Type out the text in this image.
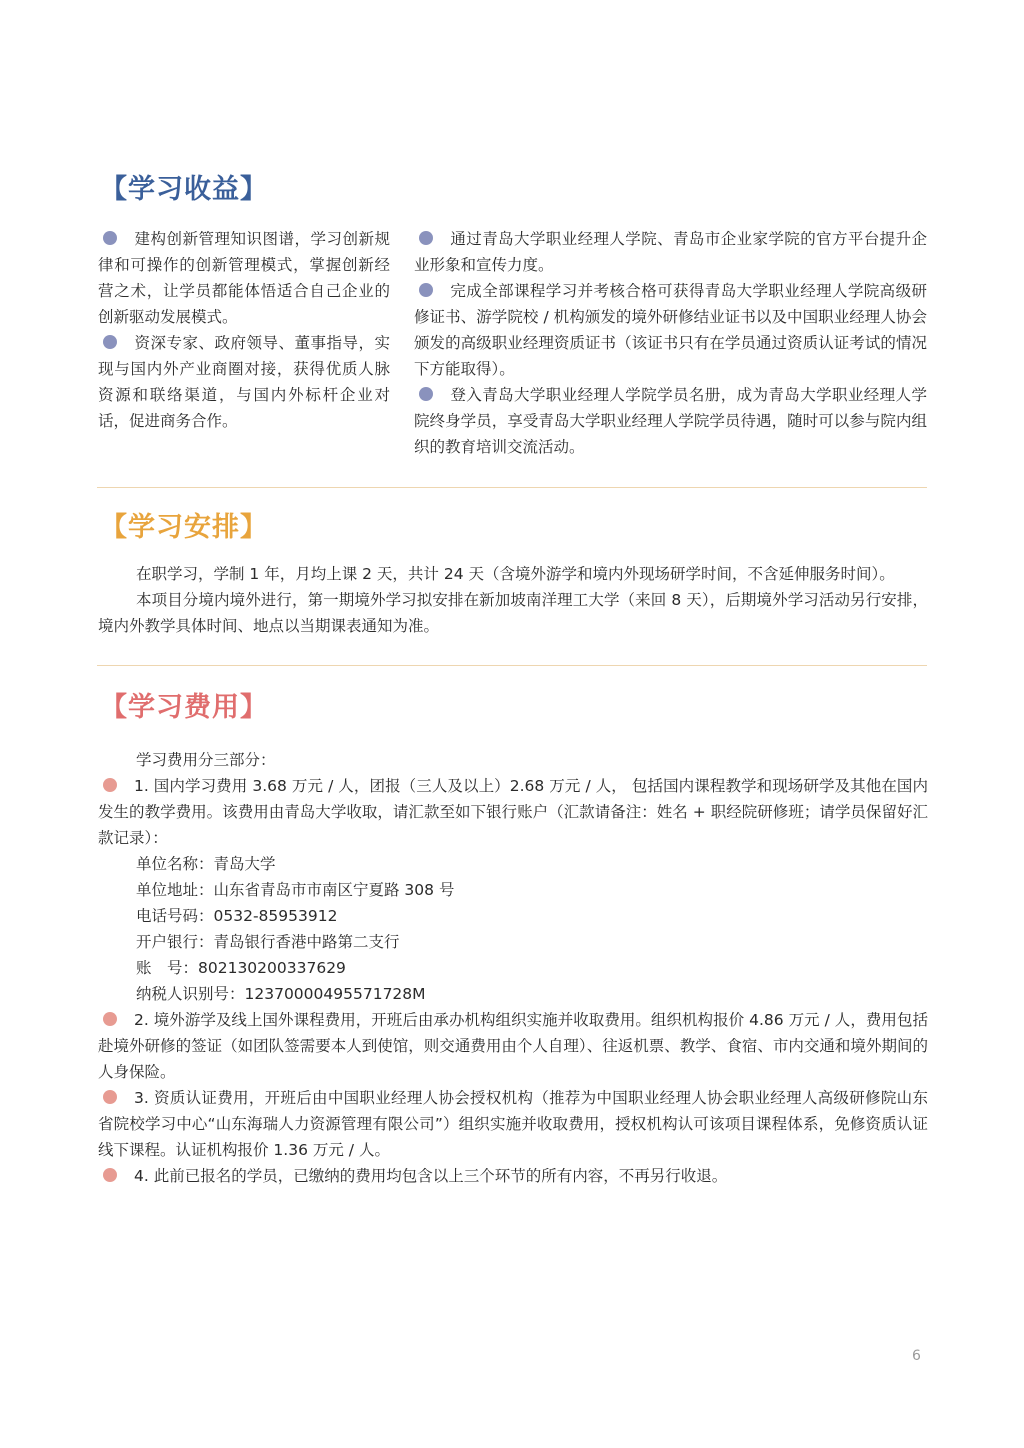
【学习收益】

建构创新管理知识图谱，学习创新规律和可操作的创新管理模式，掌握创新经营之术，让学员都能体悟适合自己企业的创新驱动发展模式。

资深专家、政府领导、董事指导，实现与国内外产业商圈对接，获得优质人脉资源和联络渠道，与国内外标杆企业对话，促进商务合作。

通过青岛大学职业经理人学院、青岛市企业家学院的官方平台提升企业形象和宣传力度。

完成全部课程学习并考核合格可获得青岛大学职业经理人学院高级研修证书、游学院校 / 机构颁发的境外研修结业证书以及中国职业经理人协会颁发的高级职业经理资质证书（该证书只有在学员通过资质认证考试的情况下方能取得）。

登入青岛大学职业经理人学院学员名册，成为青岛大学职业经理人学院终身学员，享受青岛大学职业经理人学院学员待遇，随时可以参与院内组织的教育培训交流活动。

【学习安排】

在职学习，学制 1 年，月均上课 2 天，共计 24 天（含境外游学和境内外现场研学时间，不含延伸服务时间）。

本项目分境内境外进行，第一期境外学习拟安排在新加坡南洋理工大学（来回 8 天），后期境外学习活动另行安排，境内外教学具体时间、地点以当期课表通知为准。

【学习费用】

学习费用分三部分：

1. 国内学习费用 3.68 万元 / 人，团报（三人及以上）2.68 万元 / 人， 包括国内课程教学和现场研学及其他在国内发生的教学费用。该费用由青岛大学收取，请汇款至如下银行账户（汇款请备注：姓名 + 职经院研修班；请学员保留好汇款记录）：

单位名称：青岛大学

单位地址：山东省青岛市市南区宁夏路 308 号

电话号码：0532-85953912

开户银行：青岛银行香港中路第二支行

账　号：802130200337629

纳税人识别号：12370000495571728M

2. 境外游学及线上国外课程费用，开班后由承办机构组织实施并收取费用。组织机构报价 4.86 万元 / 人，费用包括赴境外研修的签证（如团队签需要本人到使馆，则交通费用由个人自理）、往返机票、教学、食宿、市内交通和境外期间的人身保险。

3. 资质认证费用，开班后由中国职业经理人协会授权机构（推荐为中国职业经理人协会职业经理人高级研修院山东省院校学习中心“山东海瑞人力资源管理有限公司”）组织实施并收取费用，授权机构认可该项目课程体系，免修资质认证线下课程。认证机构报价 1.36 万元 / 人。

4. 此前已报名的学员，已缴纳的费用均包含以上三个环节的所有内容，不再另行收退。

6
